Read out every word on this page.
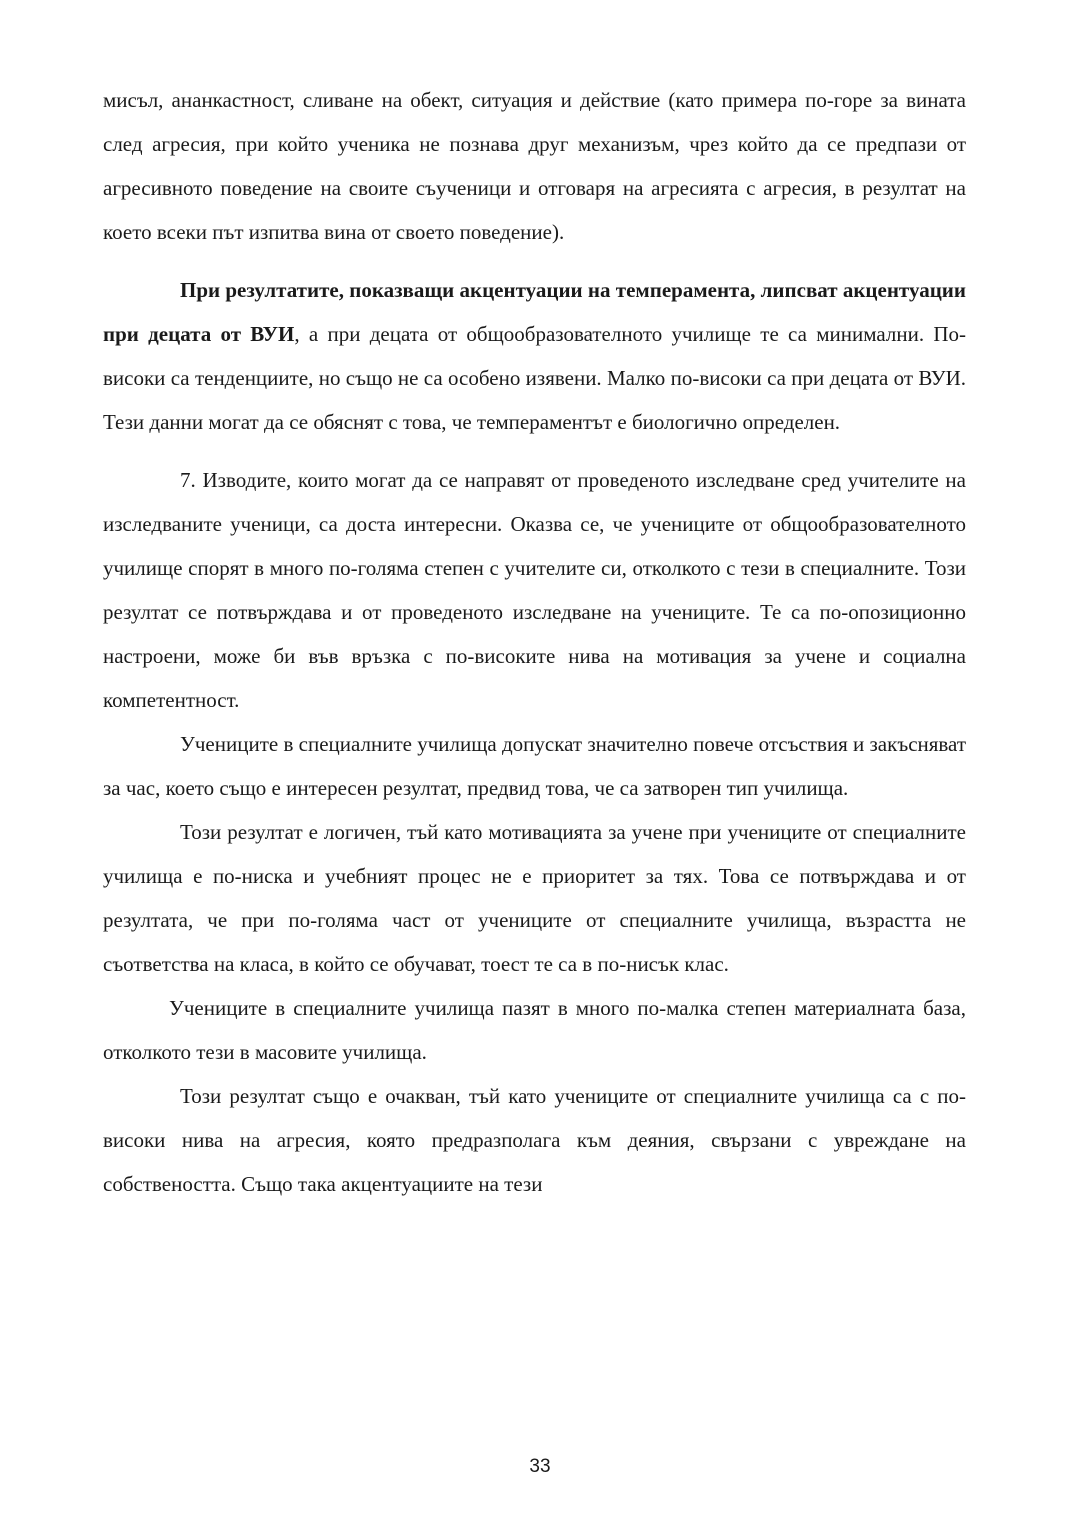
мисъл, ананкастност, сливане на обект, ситуация и действие (като примера по-горе за вината след агресия, при който ученика не познава друг механизъм, чрез който да се предпази от агресивното поведение на своите съученици и отговаря на агресията с агресия, в резултат на което всеки път изпитва вина от своето поведение).

При резултатите, показващи акцентуации на темперамента, липсват акцентуации при децата от ВУИ, а при децата от общообразователното училище те са минимални. По-високи са тенденциите, но също не са особено изявени. Малко по-високи са при децата от ВУИ. Тези данни могат да се обяснят с това, че темпераментът е биологично определен.

7. Изводите, които могат да се направят от проведеното изследване сред учителите на изследваните ученици, са доста интересни. Оказва се, че учениците от общообразователното училище спорят в много по-голяма степен с учителите си, отколкото с тези в специалните. Този резултат се потвърждава и от проведеното изследване на учениците. Те са по-опозиционно настроени, може би във връзка с по-високите нива на мотивация за учене и социална компетентност.

Учениците в специалните училища допускат значително повече отсъствия и закъсняват за час, което също е интересен резултат, предвид това, че са затворен тип училища.

Този резултат е логичен, тъй като мотивацията за учене при учениците от специалните училища е по-ниска и учебният процес не е приоритет за тях. Това се потвърждава и от резултата, че при по-голяма част от учениците от специалните училища, възрастта не съответства на класа, в който се обучават, тоест те са в по-нисък клас.

Учениците в специалните училища пазят в много по-малка степен материалната база, отколкото тези в масовите училища.

Този резултат също е очакван, тъй като учениците от специалните училища са с по-високи нива на агресия, която предразполага към деяния, свързани с увреждане на собствеността. Също така акцентуациите на тези

33
